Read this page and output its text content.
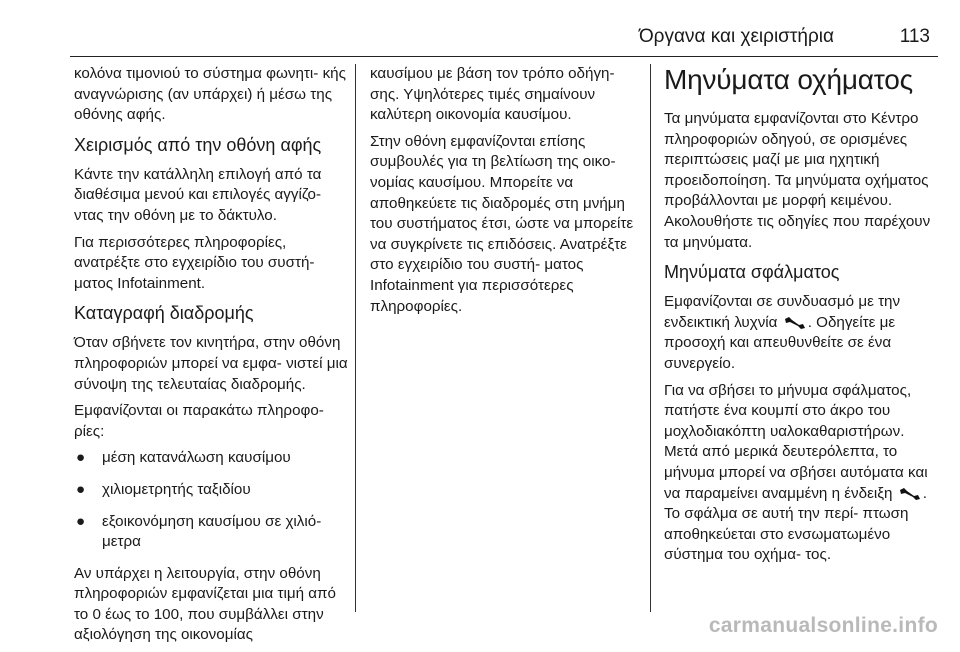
Όργανα και χειριστήρια	113

κολόνα τιμονιού το σύστημα φωνητι- κής αναγνώρισης (αν υπάρχει) ή μέσω της οθόνης αφής.

Χειρισμός από την οθόνη αφής

Κάντε την κατάλληλη επιλογή από τα διαθέσιμα μενού και επιλογές αγγίζο- ντας την οθόνη με το δάκτυλο.

Για περισσότερες πληροφορίες, ανατρέξτε στο εγχειρίδιο του συστή- ματος Infotainment.

Καταγραφή διαδρομής

Όταν σβήνετε τον κινητήρα, στην οθόνη πληροφοριών μπορεί να εμφα- νιστεί μια σύνοψη της τελευταίας διαδρομής.

Εμφανίζονται οι παρακάτω πληροφο- ρίες:

● μέση κατανάλωση καυσίμου
● χιλιομετρητής ταξιδίου
● εξοικονόμηση καυσίμου σε χιλιό- μετρα

Αν υπάρχει η λειτουργία, στην οθόνη πληροφοριών εμφανίζεται μια τιμή από το 0 έως το 100, που συμβάλλει στην αξιολόγηση της οικονομίας

καυσίμου με βάση τον τρόπο οδήγη- σης. Υψηλότερες τιμές σημαίνουν καλύτερη οικονομία καυσίμου.

Στην οθόνη εμφανίζονται επίσης συμβουλές για τη βελτίωση της οικο- νομίας καυσίμου. Μπορείτε να αποθηκεύετε τις διαδρομές στη μνήμη του συστήματος έτσι, ώστε να μπορείτε να συγκρίνετε τις επιδόσεις. Ανατρέξτε στο εγχειρίδιο του συστή- ματος Infotainment για περισσότερες πληροφορίες.

Μηνύματα οχήματος

Τα μηνύματα εμφανίζονται στο Κέντρο πληροφοριών οδηγού, σε ορισμένες περιπτώσεις μαζί με μια ηχητική προειδοποίηση. Τα μηνύματα οχήματος προβάλλονται με μορφή κειμένου. Ακολουθήστε τις οδηγίες που παρέχουν τα μηνύματα.

Μηνύματα σφάλματος

Εμφανίζονται σε συνδυασμό με την ενδεικτική λυχνία . Οδηγείτε με προσοχή και απευθυνθείτε σε ένα συνεργείο.

Για να σβήσει το μήνυμα σφάλματος, πατήστε ένα κουμπί στο άκρο του μοχλοδιακόπτη υαλοκαθαριστήρων. Μετά από μερικά δευτερόλεπτα, το μήνυμα μπορεί να σβήσει αυτόματα και να παραμείνει αναμμένη η ένδειξη . Το σφάλμα σε αυτή την περί- πτωση αποθηκεύεται στο ενσωματωμένο σύστημα του οχήμα- τος.

carmanualsonline.info
